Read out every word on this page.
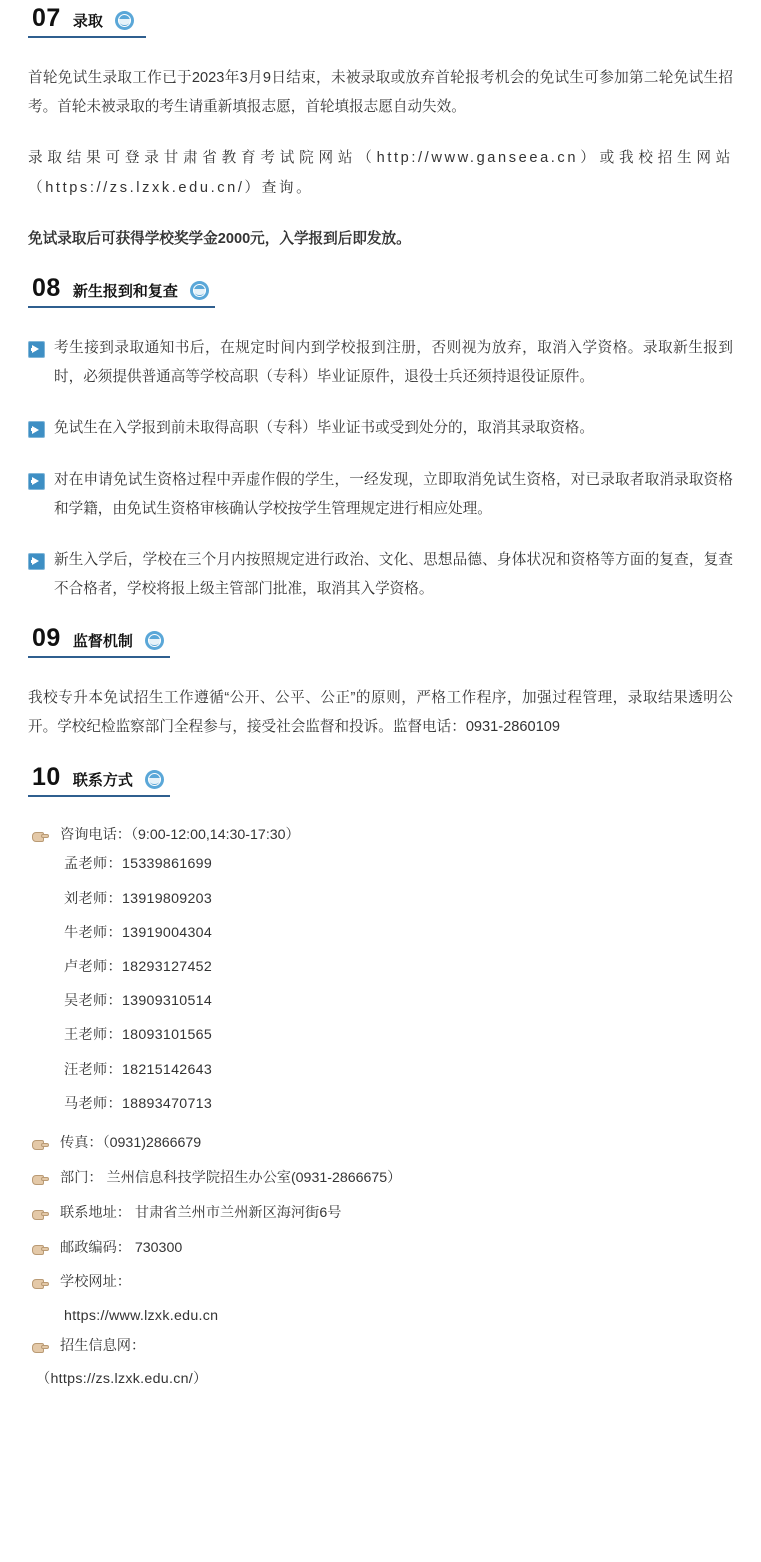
07 录取

首轮免试生录取工作已于2023年3月9日结束，未被录取或放弃首轮报考机会的免试生可参加第二轮免试生招考。首轮未被录取的考生请重新填报志愿，首轮填报志愿自动失效。

录取结果可登录甘肃省教育考试院网站（http://www.ganseea.cn）或我校招生网站（https://zs.lzxk.edu.cn/）查询。

免试录取后可获得学校奖学金2000元，入学报到后即发放。

08 新生报到和复查
考生接到录取通知书后，在规定时间内到学校报到注册，否则视为放弃，取消入学资格。录取新生报到时，必须提供普通高等学校高职（专科）毕业证原件，退役士兵还须持退役证原件。
免试生在入学报到前未取得高职（专科）毕业证书或受到处分的，取消其录取资格。
对在申请免试生资格过程中弄虚作假的学生，一经发现，立即取消免试生资格，对已录取者取消录取资格和学籍，由免试生资格审核确认学校按学生管理规定进行相应处理。
新生入学后，学校在三个月内按照规定进行政治、文化、思想品德、身体状况和资格等方面的复查，复查不合格者，学校将报上级主管部门批准，取消其入学资格。
09 监督机制

我校专升本免试招生工作遵循“公开、公平、公正”的原则，严格工作程序，加强过程管理，录取结果透明公开。学校纪检监察部门全程参与，接受社会监督和投诉。监督电话：0931-2860109

10 联系方式
咨询电话：（9:00-12:00,14:30-17:30）
孟老师：15339861699
刘老师：13919809203
牛老师：13919004304
卢老师：18293127452
吴老师：13909310514
王老师：18093101565
汪老师：18215142643
马老师：18893470713
传真：（0931)2866679
部门： 兰州信息科技学院招生办公室(0931-2866675）
联系地址： 甘肃省兰州市兰州新区海河街6号
邮政编码： 730300
学校网址：
https://www.lzxk.edu.cn
招生信息网：
（https://zs.lzxk.edu.cn/）
